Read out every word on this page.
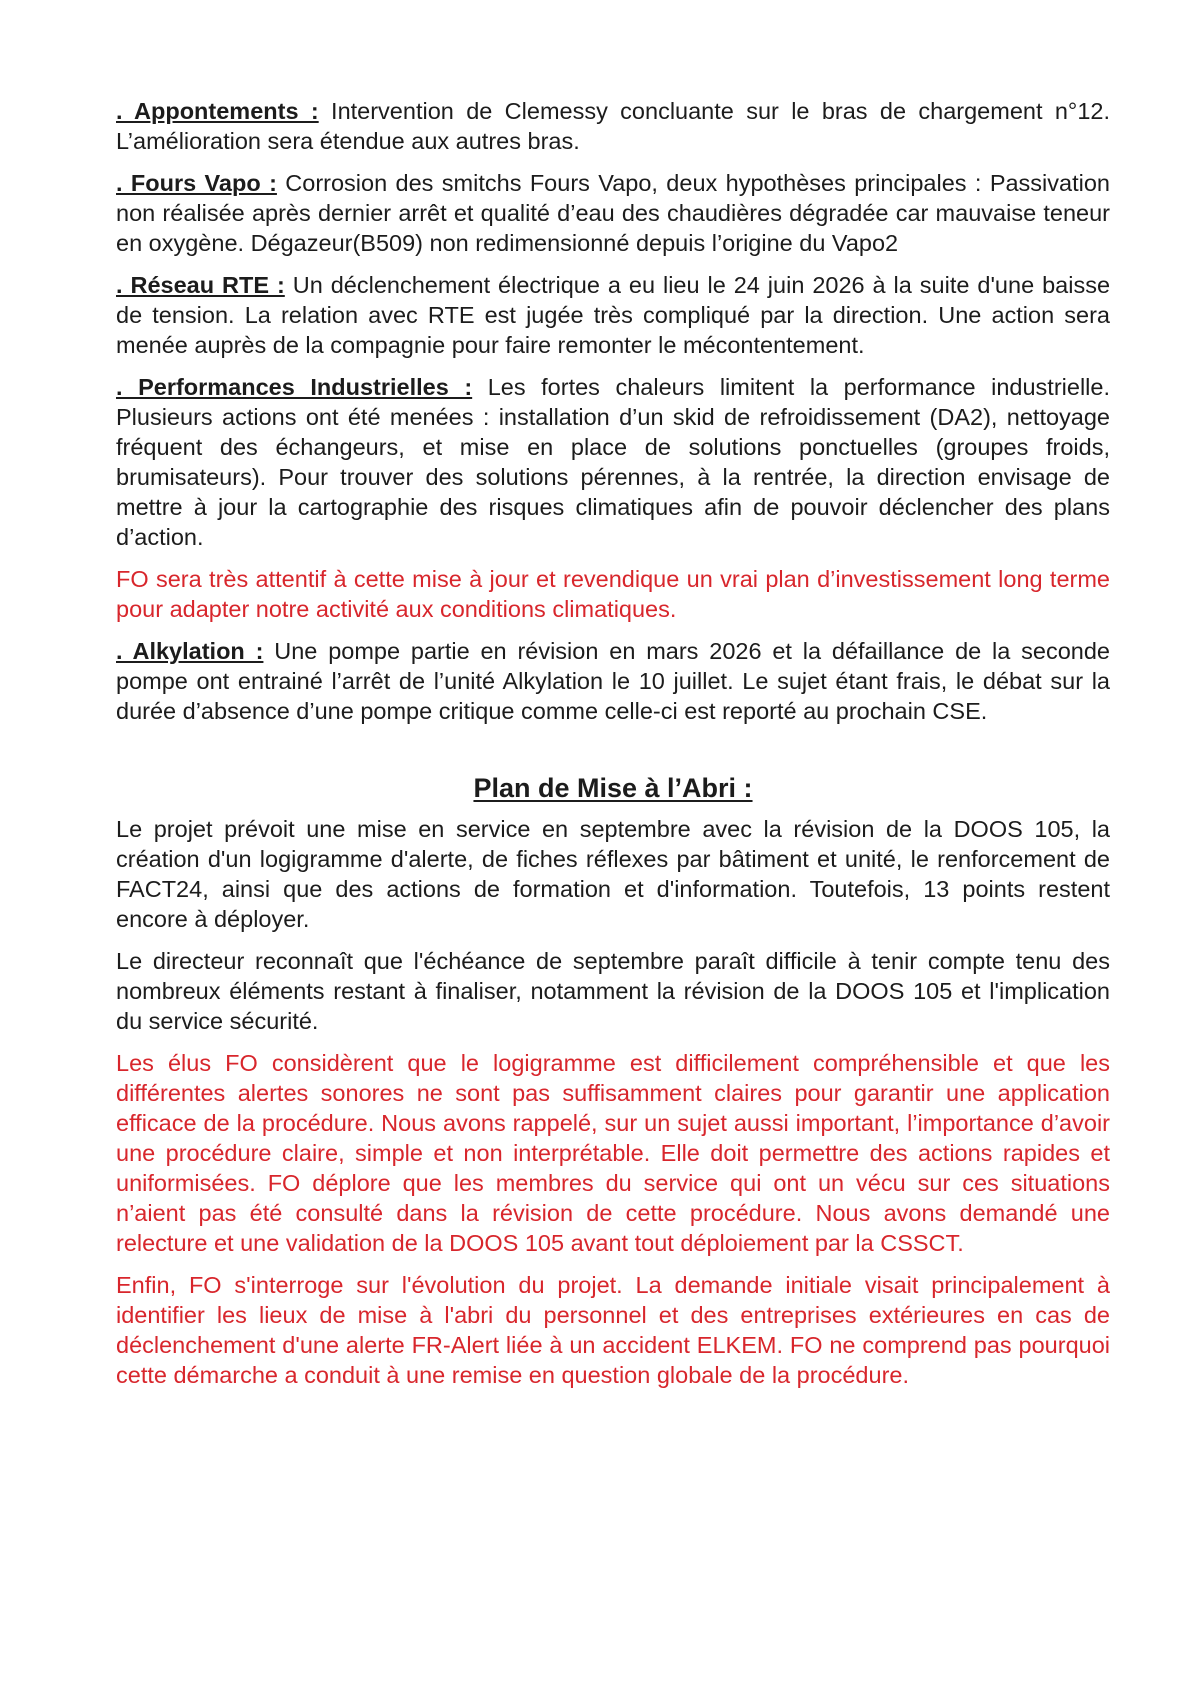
. Appontements : Intervention de Clemessy concluante sur le bras de chargement n°12. L’amélioration sera étendue aux autres bras.

. Fours Vapo : Corrosion des smitchs Fours Vapo, deux hypothèses principales : Passivation non réalisée après dernier arrêt et qualité d’eau des chaudières dégradée car mauvaise teneur en oxygène. Dégazeur(B509) non redimensionné depuis l’origine du Vapo2

. Réseau RTE : Un déclenchement électrique a eu lieu le 24 juin 2026 à la suite d'une baisse de tension. La relation avec RTE est jugée très compliqué par la direction. Une action sera menée auprès de la compagnie pour faire remonter le mécontentement.

. Performances Industrielles : Les fortes chaleurs limitent la performance industrielle. Plusieurs actions ont été menées : installation d’un skid de refroidissement (DA2), nettoyage fréquent des échangeurs, et mise en place de solutions ponctuelles (groupes froids, brumisateurs). Pour trouver des solutions pérennes, à la rentrée, la direction envisage de mettre à jour la cartographie des risques climatiques afin de pouvoir déclencher des plans d’action.

FO sera très attentif à cette mise à jour et revendique un vrai plan d’investissement long terme pour adapter notre activité aux conditions climatiques.

. Alkylation : Une pompe partie en révision en mars 2026 et la défaillance de la seconde pompe ont entrainé l’arrêt de l’unité Alkylation le 10 juillet. Le sujet étant frais, le débat sur la durée d’absence d’une pompe critique comme celle-ci est reporté au prochain CSE.

Plan de Mise à l’Abri :

Le projet prévoit une mise en service en septembre avec la révision de la DOOS 105, la création d'un logigramme d'alerte, de fiches réflexes par bâtiment et unité, le renforcement de FACT24, ainsi que des actions de formation et d'information. Toutefois, 13 points restent encore à déployer.

Le directeur reconnaît que l'échéance de septembre paraît difficile à tenir compte tenu des nombreux éléments restant à finaliser, notamment la révision de la DOOS 105 et l'implication du service sécurité.

Les élus FO considèrent que le logigramme est difficilement compréhensible et que les différentes alertes sonores ne sont pas suffisamment claires pour garantir une application efficace de la procédure. Nous avons rappelé, sur un sujet aussi important, l’importance d’avoir une procédure claire, simple et non interprétable. Elle doit permettre des actions rapides et uniformisées. FO déplore que les membres du service qui ont un vécu sur ces situations n’aient pas été consulté dans la révision de cette procédure. Nous avons demandé une relecture et une validation de la DOOS 105 avant tout déploiement par la CSSCT.

Enfin, FO s'interroge sur l'évolution du projet. La demande initiale visait principalement à identifier les lieux de mise à l'abri du personnel et des entreprises extérieures en cas de déclenchement d'une alerte FR-Alert liée à un accident ELKEM. FO ne comprend pas pourquoi cette démarche a conduit à une remise en question globale de la procédure.
